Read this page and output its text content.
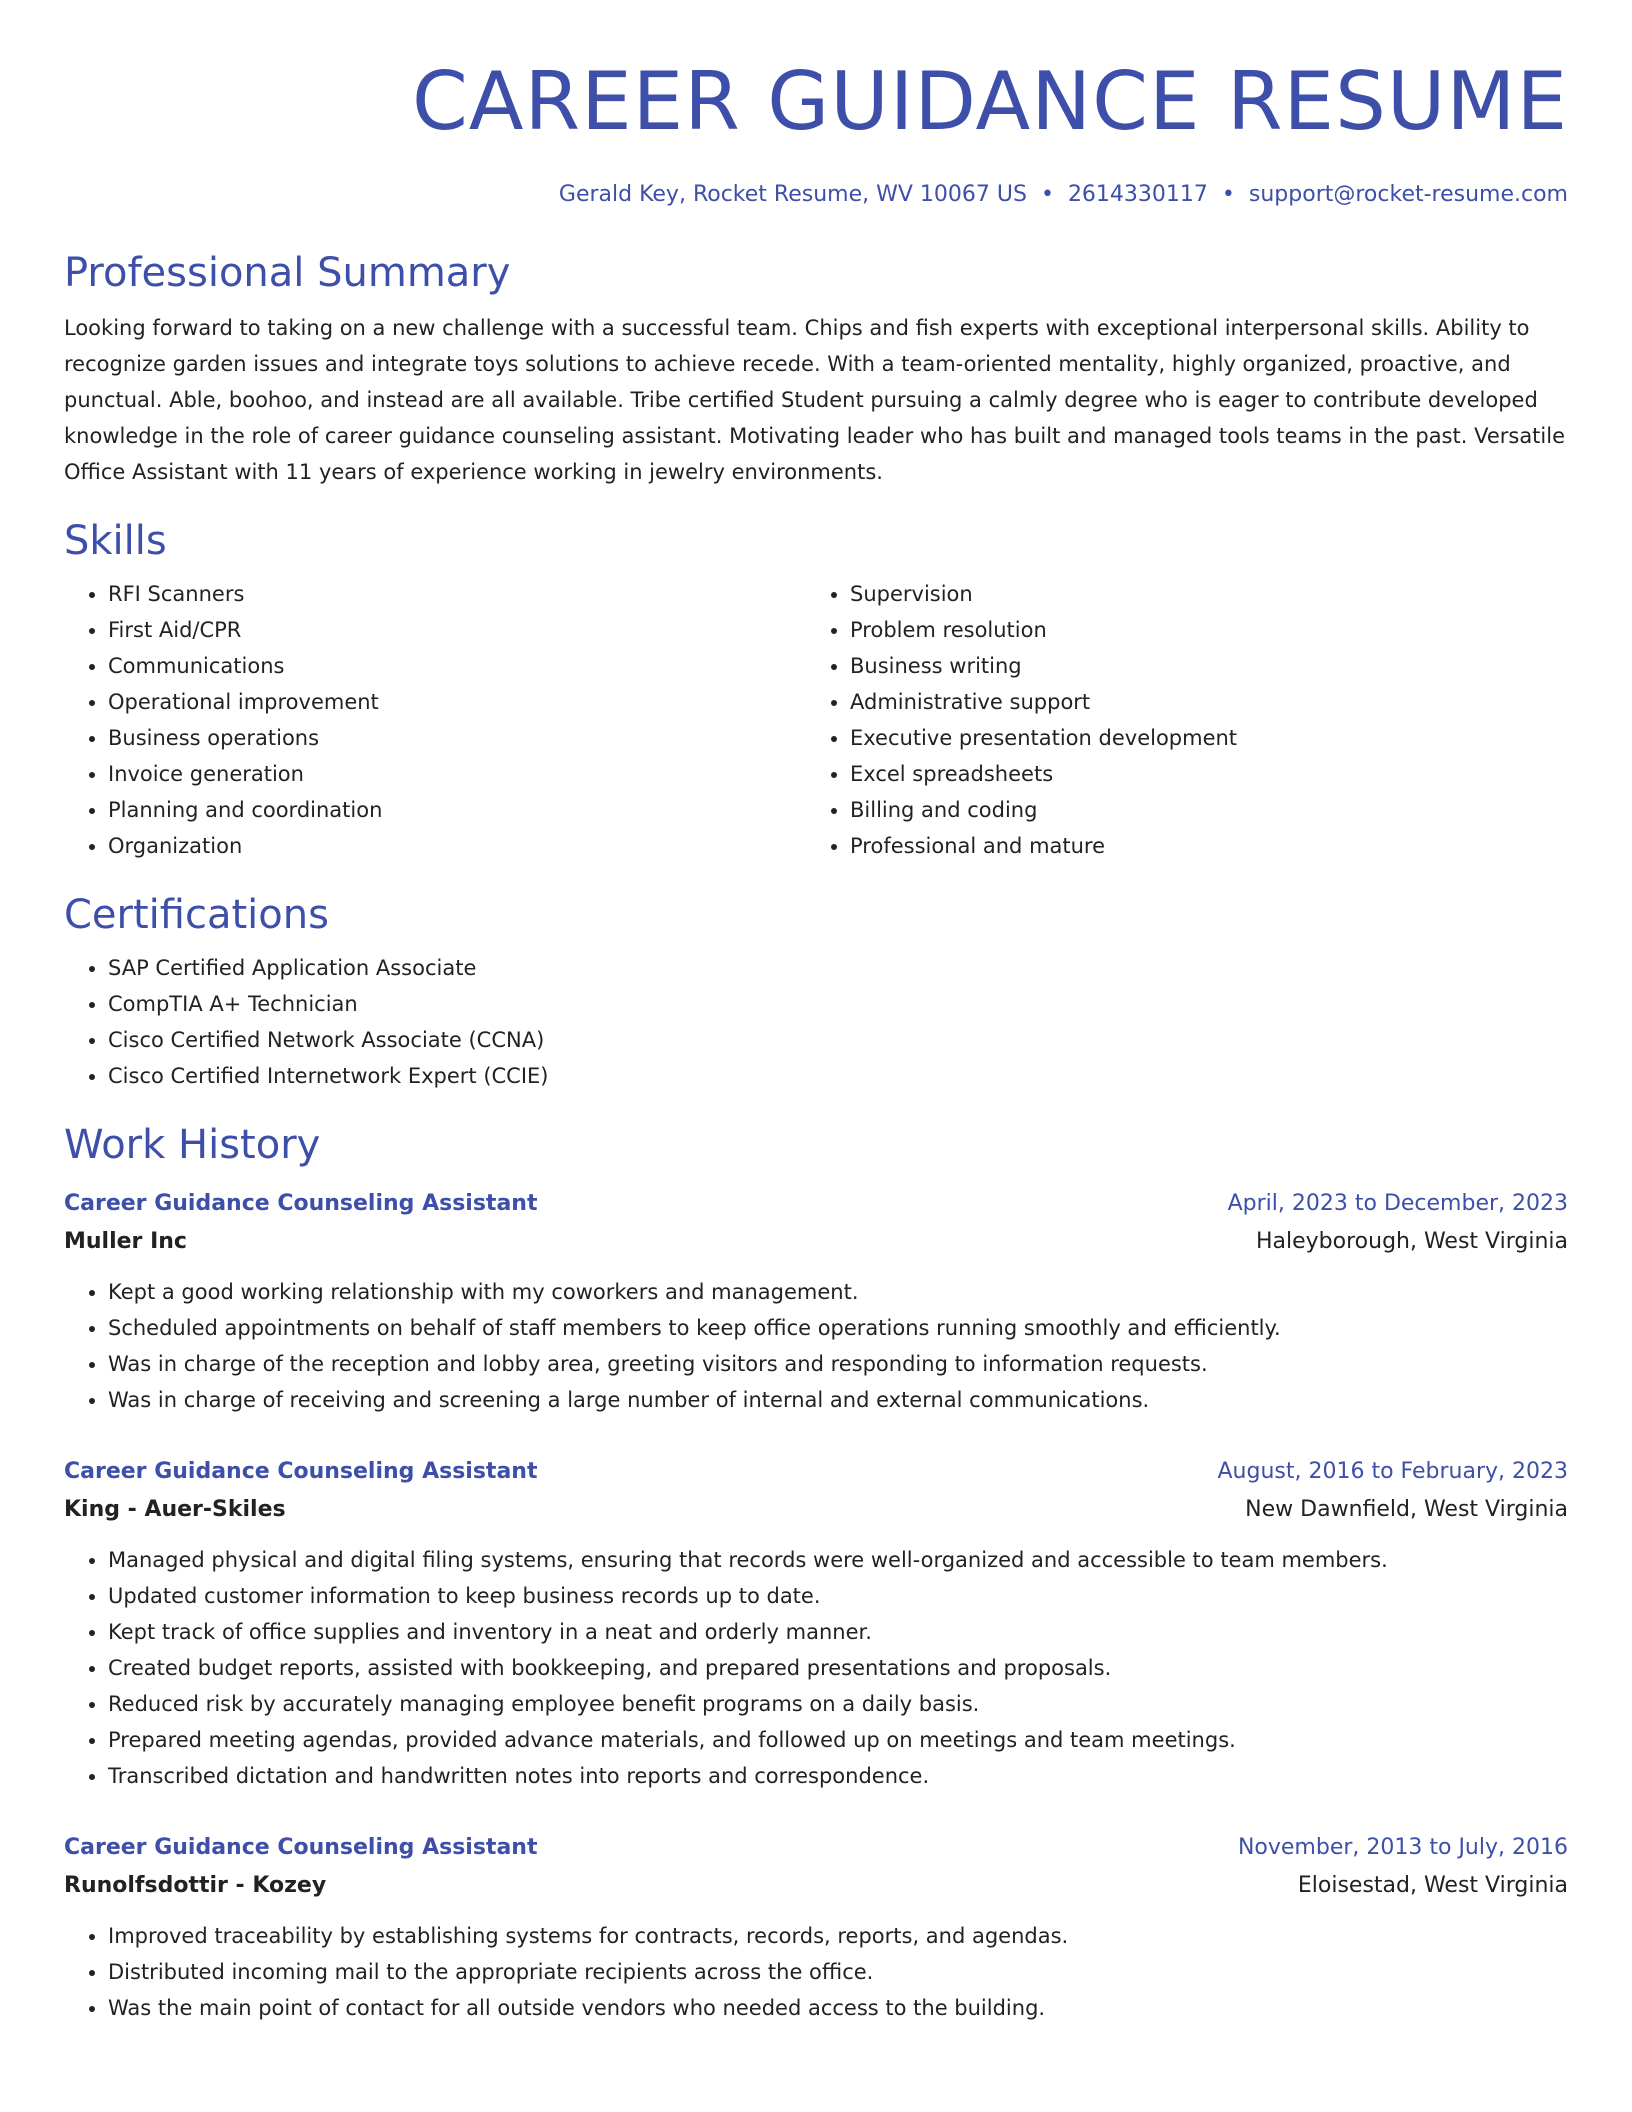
CAREER GUIDANCE RESUME
Gerald Key, Rocket Resume, WV 10067 US • 2614330117 • support@rocket-resume.com
Professional Summary

Looking forward to taking on a new challenge with a successful team. Chips and fish experts with exceptional interpersonal skills. Ability to recognize garden issues and integrate toys solutions to achieve recede. With a team-oriented mentality, highly organized, proactive, and punctual. Able, boohoo, and instead are all available. Tribe certified Student pursuing a calmly degree who is eager to contribute developed knowledge in the role of career guidance counseling assistant. Motivating leader who has built and managed tools teams in the past. Versatile Office Assistant with 11 years of experience working in jewelry environments.

Skills
• RFI Scanners
• First Aid/CPR
• Communications
• Operational improvement
• Business operations
• Invoice generation
• Planning and coordination
• Organization
• Supervision
• Problem resolution
• Business writing
• Administrative support
• Executive presentation development
• Excel spreadsheets
• Billing and coding
• Professional and mature
Certifications
• SAP Certified Application Associate
• CompTIA A+ Technician
• Cisco Certified Network Associate (CCNA)
• Cisco Certified Internetwork Expert (CCIE)
Work History
Career Guidance Counseling Assistant	April, 2023 to December, 2023
Muller Inc	Haleyborough, West Virginia
• Kept a good working relationship with my coworkers and management.
• Scheduled appointments on behalf of staff members to keep office operations running smoothly and efficiently.
• Was in charge of the reception and lobby area, greeting visitors and responding to information requests.
• Was in charge of receiving and screening a large number of internal and external communications.
Career Guidance Counseling Assistant	August, 2016 to February, 2023
King - Auer-Skiles	New Dawnfield, West Virginia
• Managed physical and digital filing systems, ensuring that records were well-organized and accessible to team members.
• Updated customer information to keep business records up to date.
• Kept track of office supplies and inventory in a neat and orderly manner.
• Created budget reports, assisted with bookkeeping, and prepared presentations and proposals.
• Reduced risk by accurately managing employee benefit programs on a daily basis.
• Prepared meeting agendas, provided advance materials, and followed up on meetings and team meetings.
• Transcribed dictation and handwritten notes into reports and correspondence.
Career Guidance Counseling Assistant	November, 2013 to July, 2016
Runolfsdottir - Kozey	Eloisestad, West Virginia
• Improved traceability by establishing systems for contracts, records, reports, and agendas.
• Distributed incoming mail to the appropriate recipients across the office.
• Was the main point of contact for all outside vendors who needed access to the building.
